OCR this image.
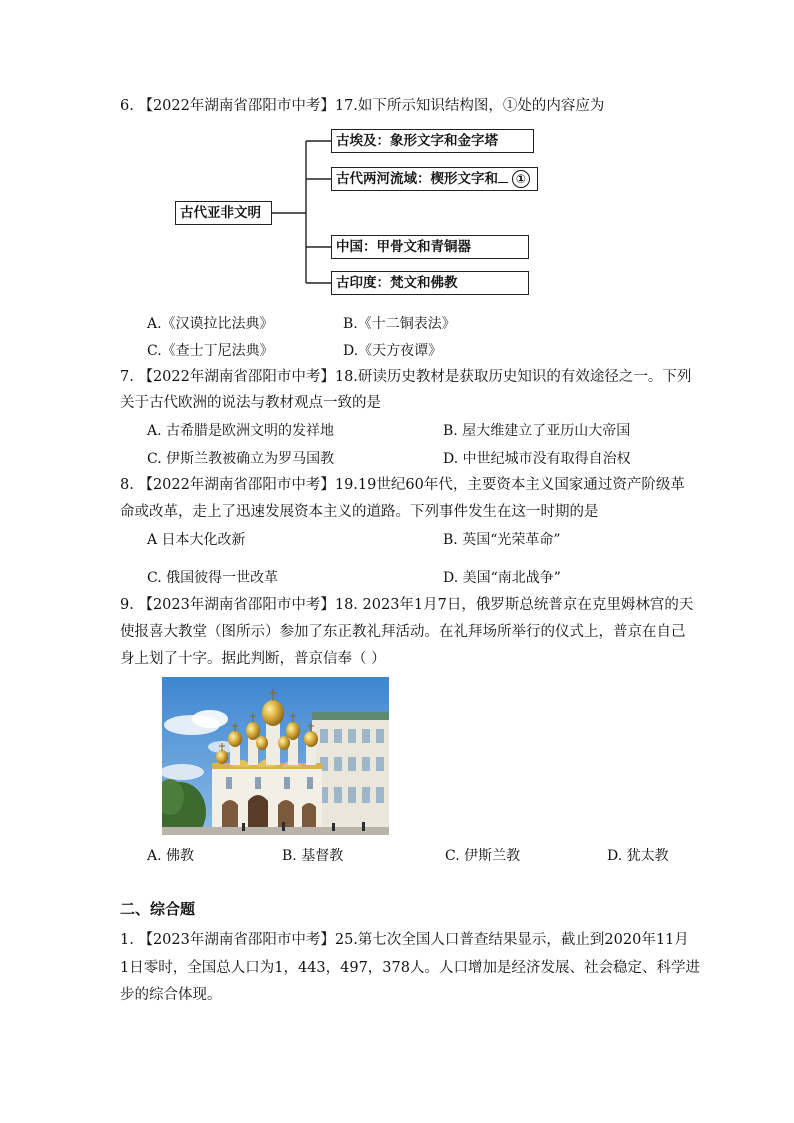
6. 【2022年湖南省邵阳市中考】17.如下所示知识结构图，①处的内容应为
古代亚非文明
古埃及：象形文字和金字塔
古代两河流域：楔形文字和 ①
中国：甲骨文和青铜器
古印度：梵文和佛教
A.《汉谟拉比法典》	B.《十二铜表法》
C.《查士丁尼法典》	D.《天方夜谭》
7. 【2022年湖南省邵阳市中考】18.研读历史教材是获取历史知识的有效途径之一。下列
关于古代欧洲的说法与教材观点一致的是
A. 古希腊是欧洲文明的发祥地	B. 屋大维建立了亚历山大帝国
C. 伊斯兰教被确立为罗马国教	D. 中世纪城市没有取得自治权
8. 【2022年湖南省邵阳市中考】19.19世纪60年代，主要资本主义国家通过资产阶级革
命或改革，走上了迅速发展资本主义的道路。下列事件发生在这一时期的是
A 日本大化改新	B. 英国“光荣革命”
C. 俄国彼得一世改革	D. 美国“南北战争”
9. 【2023年湖南省邵阳市中考】18. 2023年1月7日，俄罗斯总统普京在克里姆林宫的天
使报喜大教堂（图所示）参加了东正教礼拜活动。在礼拜场所举行的仪式上，普京在自己
身上划了十字。据此判断，普京信奉（ ）
A. 佛教	B. 基督教	C. 伊斯兰教	D. 犹太教
二、综合题
1. 【2023年湖南省邵阳市中考】25.第七次全国人口普查结果显示，截止到2020年11月
1日零时，全国总人口为1，443，497，378人。人口增加是经济发展、社会稳定、科学进
步的综合体现。
